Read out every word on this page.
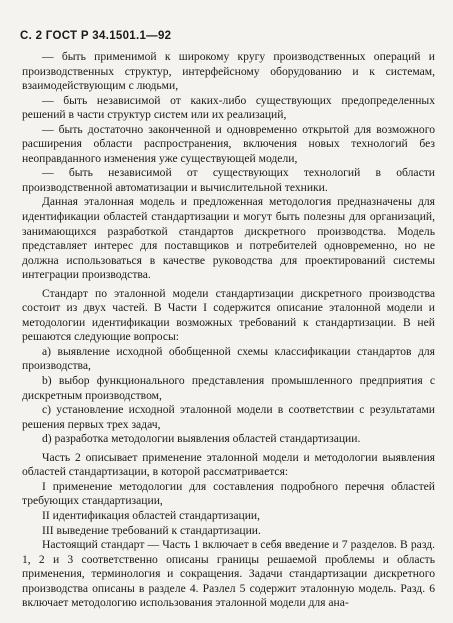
С. 2 ГОСТ Р 34.1501.1—92

— быть применимой к широкому кругу производственных операций и производственных структур, интерфейсному оборудованию и к системам, взаимодействующим с людьми,

— быть независимой от каких-либо существующих предопределенных решений в части структур систем или их реализаций,

— быть достаточно законченной и одновременно открытой для возможного расширения области распространения, включения новых технологий без неоправданного изменения уже существующей модели,

— быть независимой от существующих технологий в области производственной автоматизации и вычислительной техники.

Данная эталонная модель и предложенная методология предназначены для идентификации областей стандартизации и могут быть полезны для организаций, занимающихся разработкой стандартов дискретного производства. Модель представляет интерес для поставщиков и потребителей одновременно, но не должна использоваться в качестве руководства для проектирований системы интеграции производства.

Стандарт по эталонной модели стандартизации дискретного производства состоит из двух частей. В Части I содержится описание эталонной модели и методологии идентификации возможных требований к стандартизации. В ней решаются следующие вопросы:

а) выявление исходной обобщенной схемы классификации стандартов для производства,

b) выбор функционального представления промышленного предприятия с дискретным производством,

c) установление исходной эталонной модели в соответствии с результатами решения первых трех задач,

d) разработка методологии выявления областей стандартизации.

Часть 2 описывает применение эталонной модели и методологии выявления областей стандартизации, в которой рассматривается:

I применение методологии для составления подробного перечня областей требующих стандартизации,

II идентификация областей стандартизации,

III выведение требований к стандартизации.

Настоящий стандарт — Часть 1 включает в себя введение и 7 разделов. В разд. 1, 2 и 3 соответственно описаны границы решаемой проблемы и область применения, терминология и сокращения. Задачи стандартизации дискретного производства описаны в разделе 4. Разлел 5 содержит эталонную модель. Разд. 6 включает методологию использования эталонной модели для ана-
